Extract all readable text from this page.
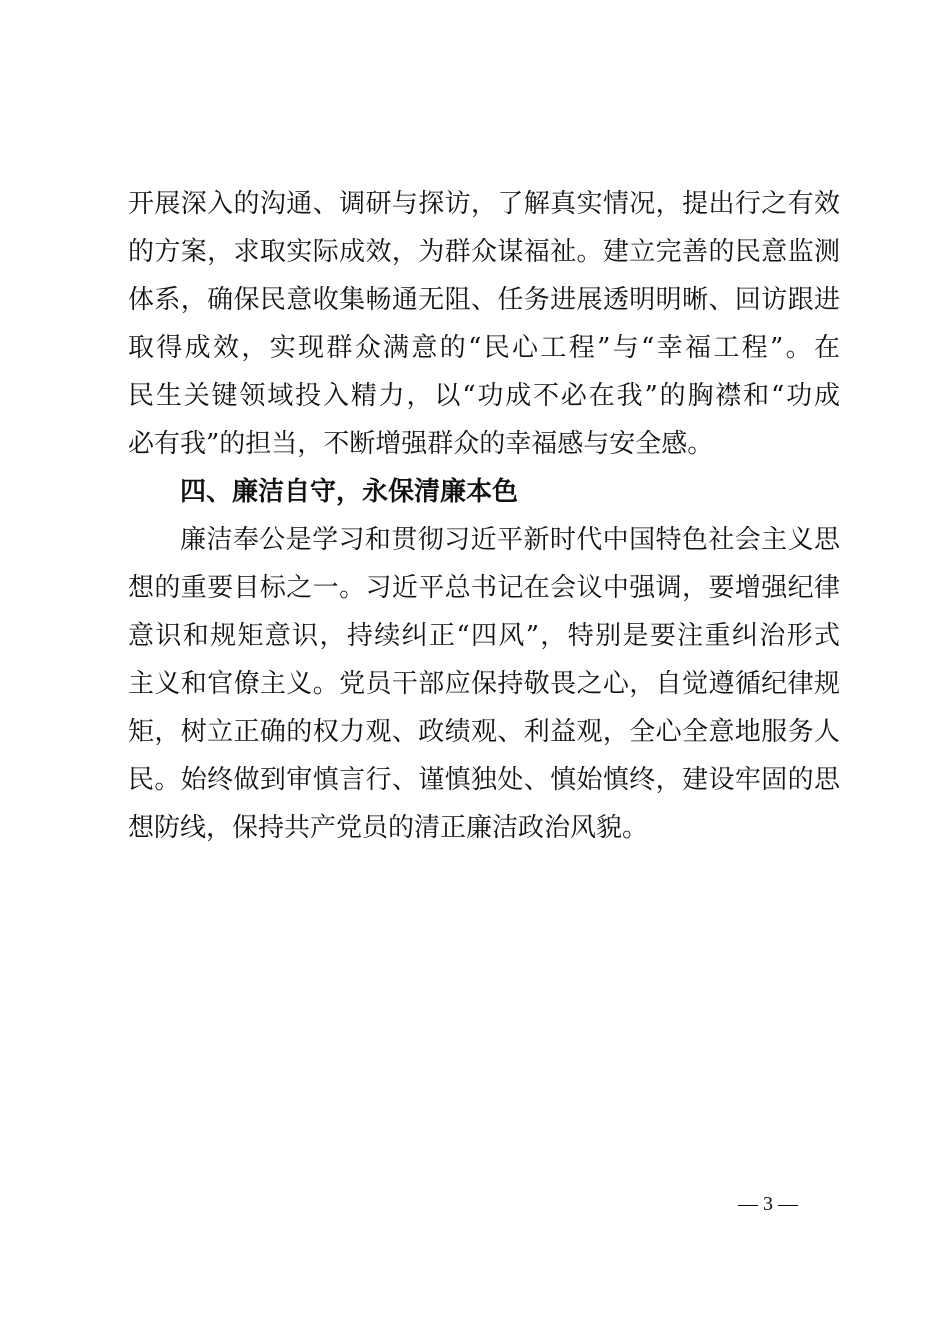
开展深入的沟通、调研与探访，了解真实情况，提出行之有效
的方案，求取实际成效，为群众谋福祉。建立完善的民意监测
体系，确保民意收集畅通无阻、任务进展透明明晰、回访跟进
取得成效，实现群众满意的“民心工程”与“幸福工程”。在
民生关键领域投入精力，以“功成不必在我”的胸襟和“功成
必有我”的担当，不断增强群众的幸福感与安全感。
四、廉洁自守，永保清廉本色
廉洁奉公是学习和贯彻习近平新时代中国特色社会主义思
想的重要目标之一。习近平总书记在会议中强调，要增强纪律
意识和规矩意识，持续纠正“四风”，特别是要注重纠治形式
主义和官僚主义。党员干部应保持敬畏之心，自觉遵循纪律规
矩，树立正确的权力观、政绩观、利益观，全心全意地服务人
民。始终做到审慎言行、谨慎独处、慎始慎终，建设牢固的思
想防线，保持共产党员的清正廉洁政治风貌。
— 3 —
